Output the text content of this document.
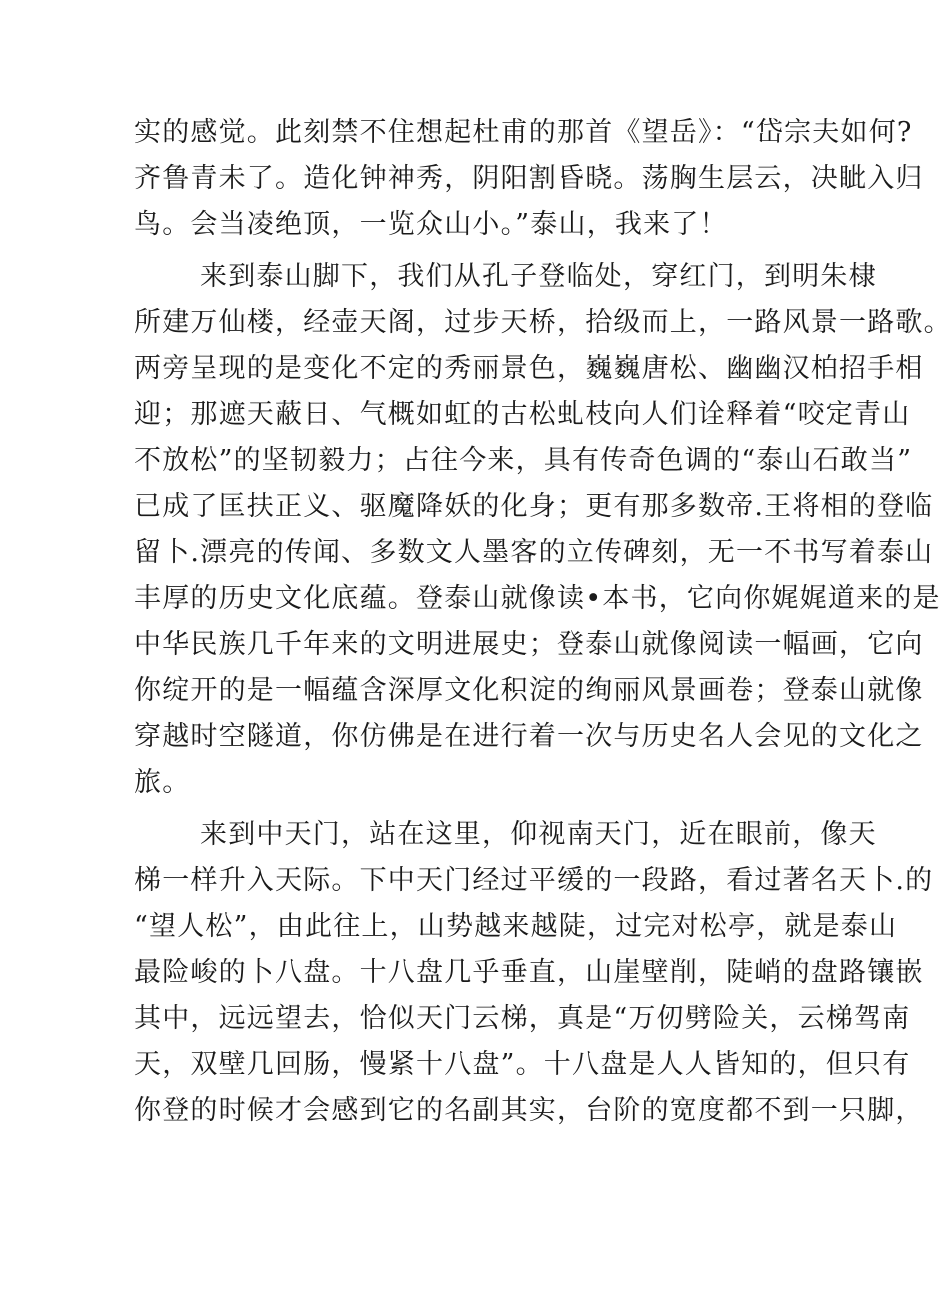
实的感觉。此刻禁不住想起杜甫的那首《望岳》：“岱宗夫如何?
齐鲁青未了。造化钟神秀，阴阳割昏晓。荡胸生层云，决眦入归
鸟。会当凌绝顶，一览众山小。”泰山，我来了！
来到泰山脚下，我们从孔子登临处，穿红门，到明朱棣
所建万仙楼，经壶天阁，过步天桥，拾级而上，一路风景一路歌。
两旁呈现的是变化不定的秀丽景色，巍巍唐松、幽幽汉柏招手相
迎；那遮天蔽日、气概如虹的古松虬枝向人们诠释着“咬定青山
不放松”的坚韧毅力；占往今来，具有传奇色调的“泰山石敢当”
已成了匡扶正义、驱魔降妖的化身；更有那多数帝.王将相的登临
留卜.漂亮的传闻、多数文人墨客的立传碑刻，无一不书写着泰山
丰厚的历史文化底蕴。登泰山就像读•本书，它向你娓娓道来的是
中华民族几千年来的文明进展史；登泰山就像阅读一幅画，它向
你绽开的是一幅蕴含深厚文化积淀的绚丽风景画卷；登泰山就像
穿越时空隧道，你仿佛是在进行着一次与历史名人会见的文化之
旅。
来到中天门，站在这里，仰视南天门，近在眼前，像天
梯一样升入天际。下中天门经过平缓的一段路，看过著名天卜.的
“望人松”，由此往上，山势越来越陡，过完对松亭，就是泰山
最险峻的卜八盘。十八盘几乎垂直，山崖壁削，陡峭的盘路镶嵌
其中，远远望去，恰似天门云梯，真是“万仞劈险关，云梯驾南
天，双壁几回肠，慢紧十八盘”。十八盘是人人皆知的，但只有
你登的时候才会感到它的名副其实，台阶的宽度都不到一只脚，
